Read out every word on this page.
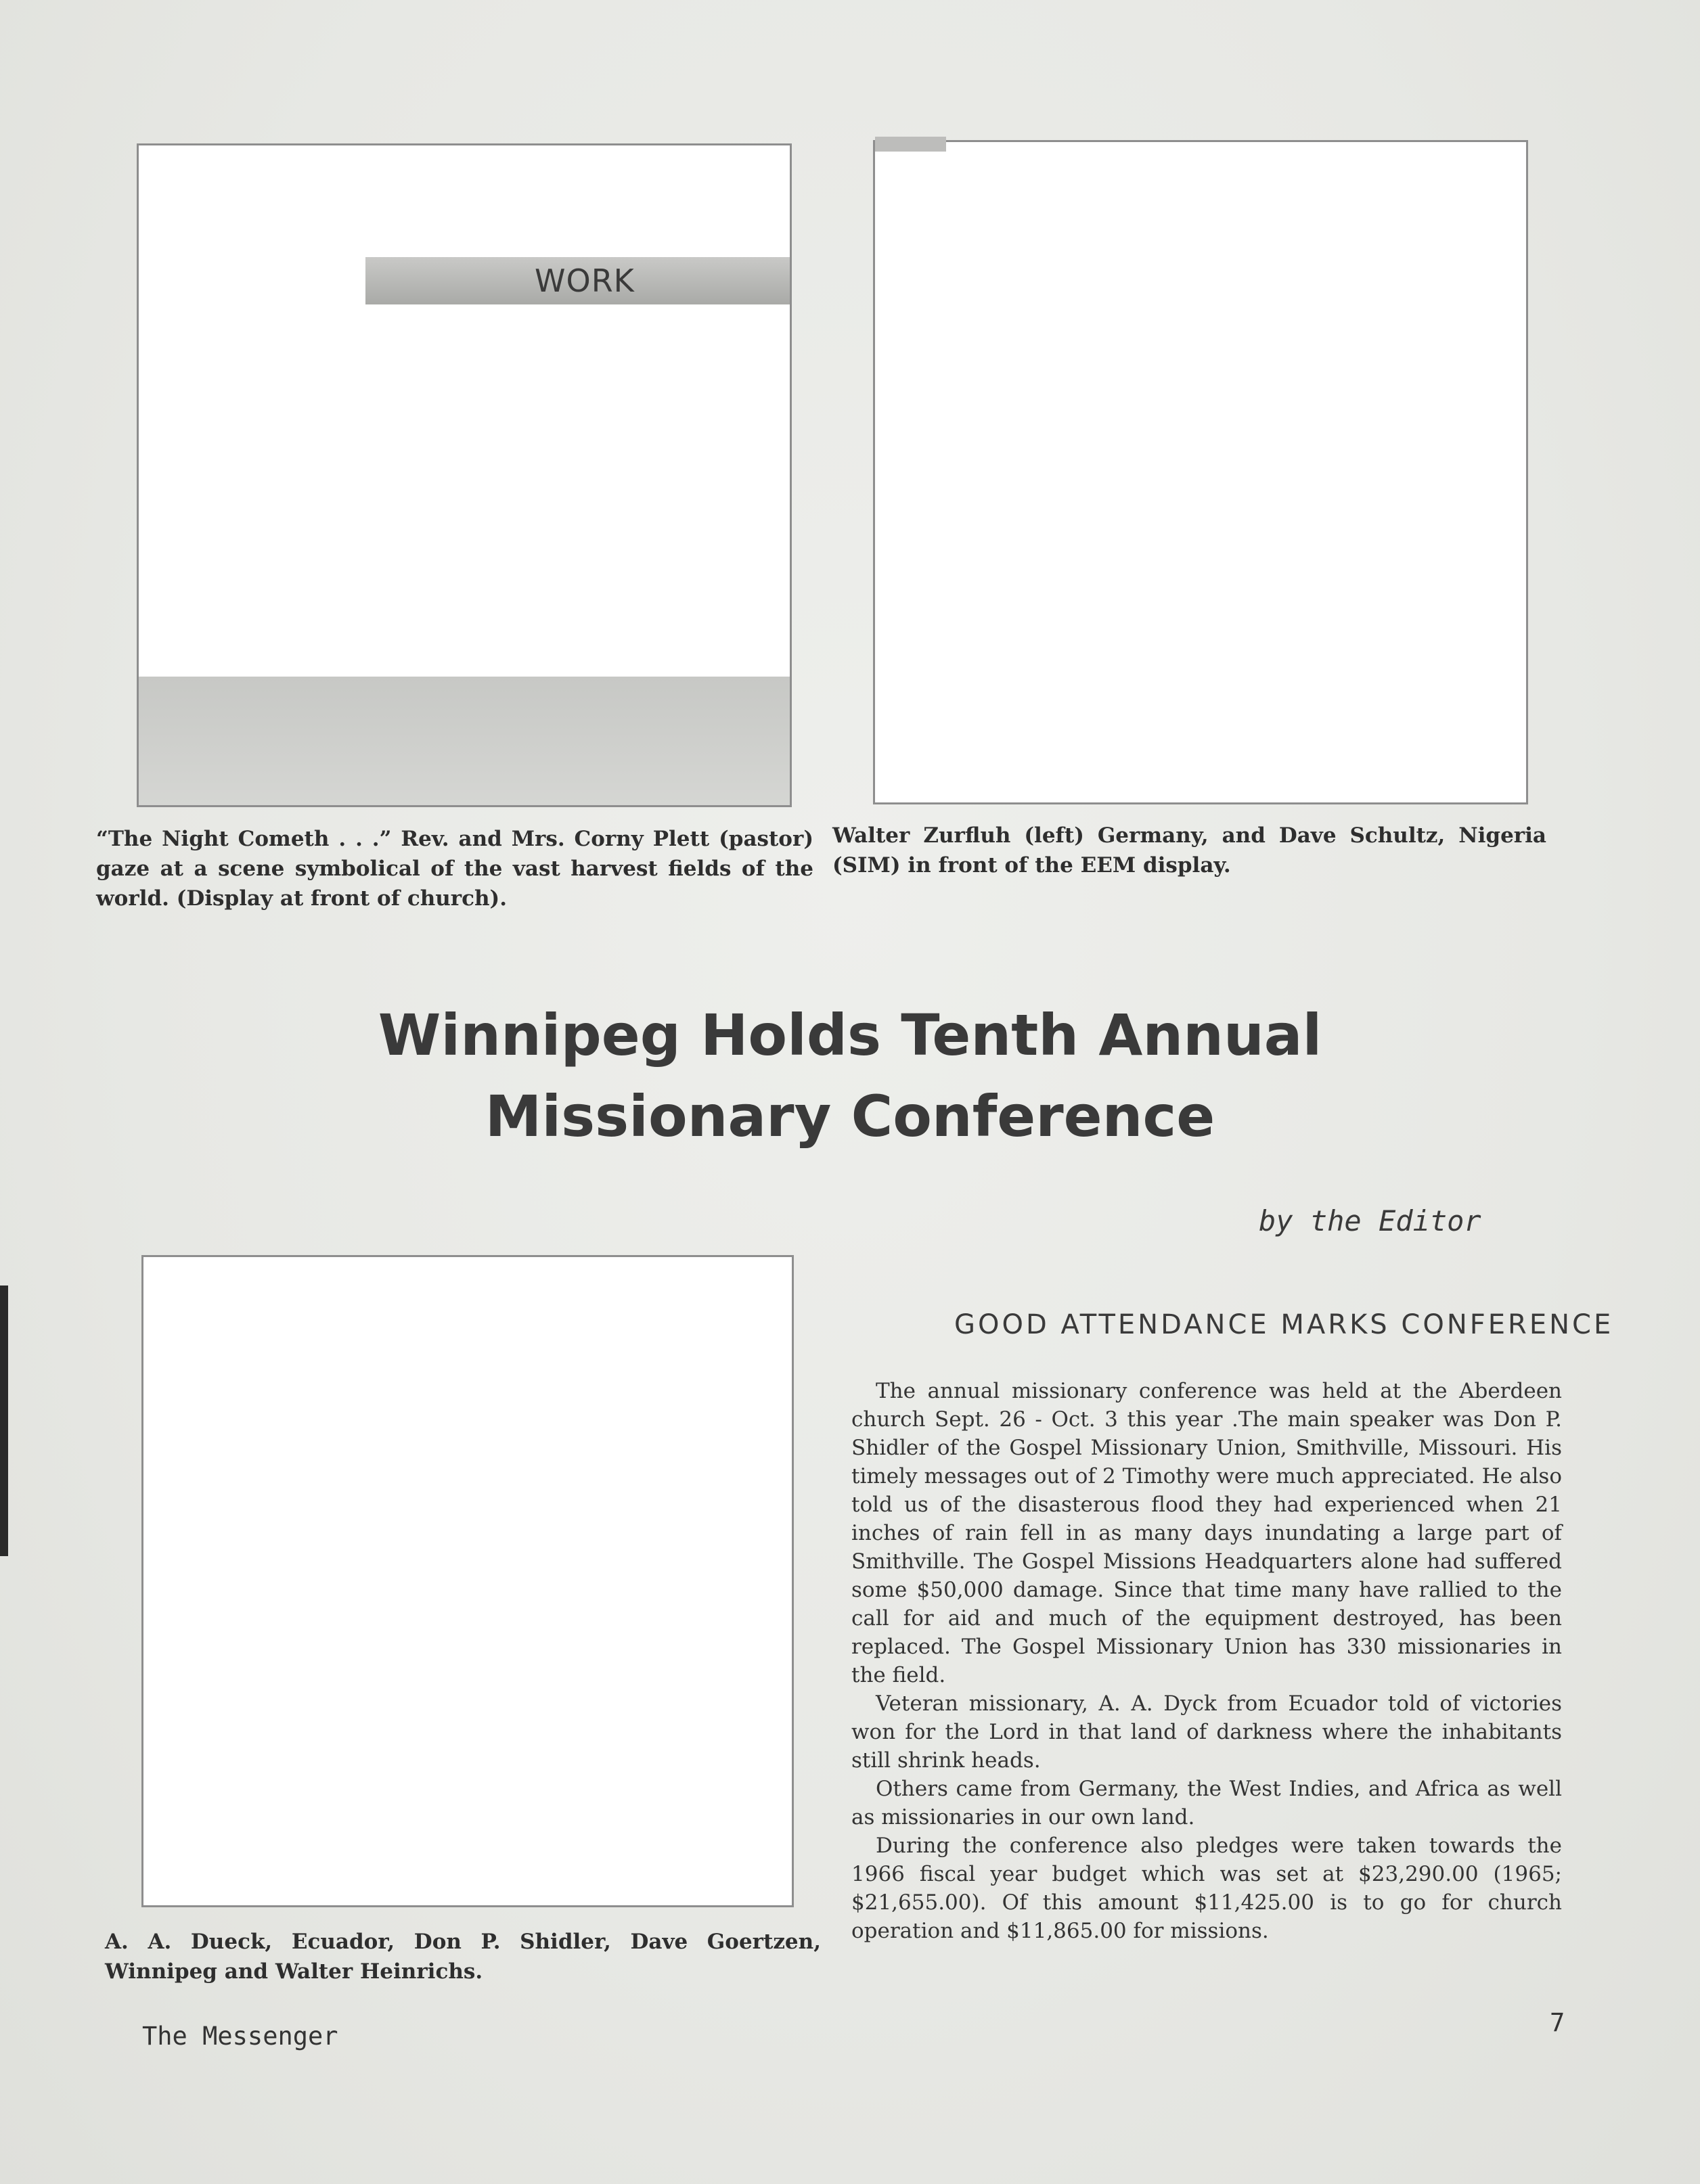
WORK

“The Night Cometh . . .” Rev. and Mrs. Corny Plett (pastor) gaze at a scene symbolical of the vast harvest fields of the world. (Display at front of church).

Walter Zurfluh (left) Germany, and Dave Schultz, Nigeria (SIM) in front of the EEM display.

A. A. Dueck, Ecuador, Don P. Shidler, Dave Goertzen, Winnipeg and Walter Heinrichs.

Winnipeg Holds Tenth Annual
Missionary Conference
by the Editor
GOOD ATTENDANCE MARKS CONFERENCE

The annual missionary conference was held at the Aberdeen church Sept. 26 - Oct. 3 this year .The main speaker was Don P. Shidler of the Gospel Missionary Union, Smithville, Missouri. His timely messages out of 2 Timothy were much appreciated. He also told us of the disasterous flood they had experienced when 21 inches of rain fell in as many days inundating a large part of Smithville. The Gospel Missions Headquarters alone had suffered some $50,000 damage. Since that time many have rallied to the call for aid and much of the equipment destroyed, has been replaced. The Gospel Missionary Union has 330 missionaries in the field.

Veteran missionary, A. A. Dyck from Ecuador told of victories won for the Lord in that land of darkness where the inhabitants still shrink heads.

Others came from Germany, the West Indies, and Africa as well as missionaries in our own land.

During the conference also pledges were taken towards the 1966 fiscal year budget which was set at $23,290.00 (1965; $21,655.00). Of this amount $11,425.00 is to go for church operation and $11,865.00 for missions.

The Messenger	7
